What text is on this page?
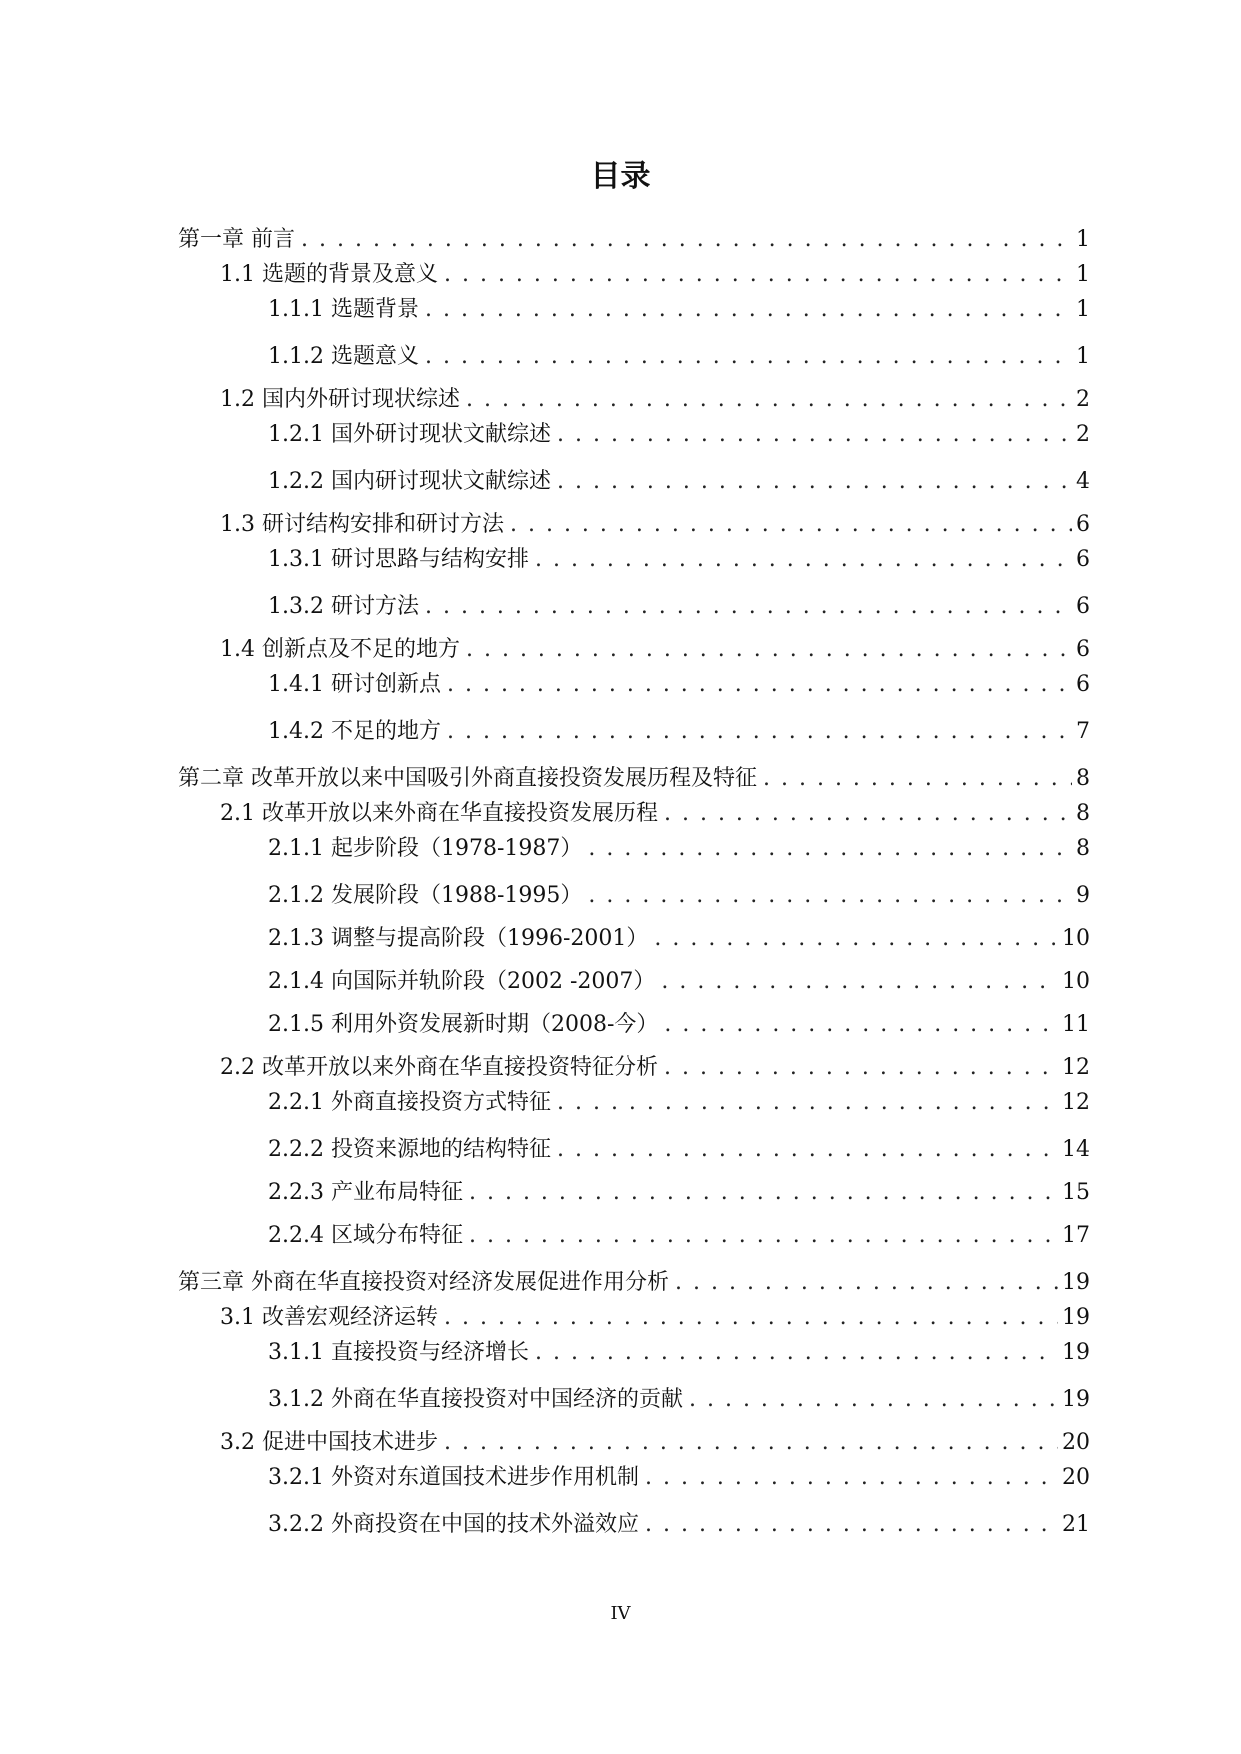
目录
第一章 前言 . . .	1
1.1 选题的背景及意义 . . .	1
1.1.1 选题背景 . . .	1
1.1.2 选题意义 . . .	1
1.2 国内外研讨现状综述 . . .	2
1.2.1 国外研讨现状文献综述 . . .	2
1.2.2 国内研讨现状文献综述 . . .	4
1.3 研讨结构安排和研讨方法 . . .	6
1.3.1 研讨思路与结构安排 . . .	6
1.3.2 研讨方法 . . .	6
1.4 创新点及不足的地方 . . .	6
1.4.1 研讨创新点 . . .	6
1.4.2 不足的地方 . . .	7
第二章 改革开放以来中国吸引外商直接投资发展历程及特征 . . .	8
2.1 改革开放以来外商在华直接投资发展历程 . . .	8
2.1.1 起步阶段（1978-1987） . . .	8
2.1.2 发展阶段（1988-1995） . . .	9
2.1.3 调整与提高阶段（1996-2001） . . .	10
2.1.4 向国际并轨阶段（2002 -2007） . . .	10
2.1.5 利用外资发展新时期（2008-今） . . .	11
2.2 改革开放以来外商在华直接投资特征分析 . . .	12
2.2.1 外商直接投资方式特征 . . .	12
2.2.2 投资来源地的结构特征 . . .	14
2.2.3 产业布局特征 . . .	15
2.2.4 区域分布特征 . . .	17
第三章 外商在华直接投资对经济发展促进作用分析 . . .	19
3.1 改善宏观经济运转 . . .	19
3.1.1 直接投资与经济增长 . . .	19
3.1.2 外商在华直接投资对中国经济的贡献 . . .	19
3.2 促进中国技术进步 . . .	20
3.2.1 外资对东道国技术进步作用机制 . . .	20
3.2.2 外商投资在中国的技术外溢效应 . . .	21
IV
